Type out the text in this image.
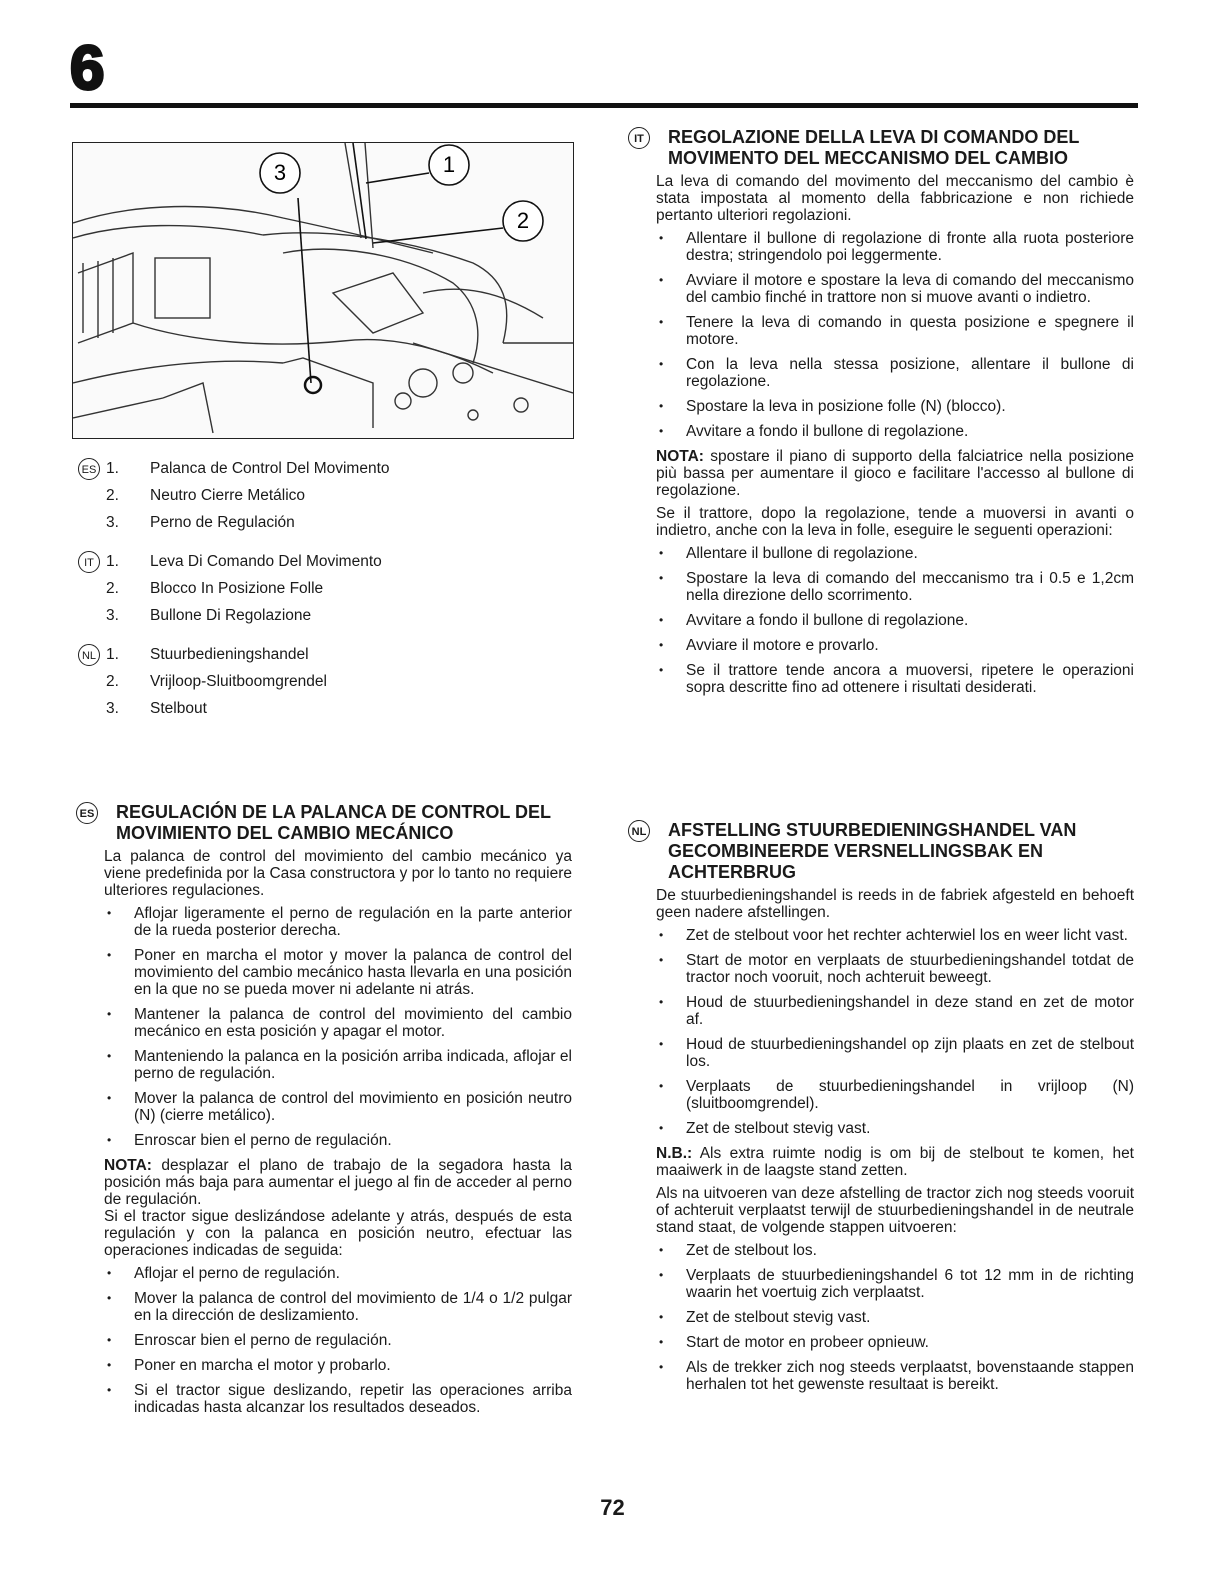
6
3	1
2
ES 1.	Palanca de Control Del Movimento
2.	Neutro Cierre Metálico
3.	Perno de Regulación
IT 1.	Leva Di Comando Del Movimento
2.	Blocco In Posizione Folle
3.	Bullone Di Regolazione
NL 1.	Stuurbedieningshandel
2.	Vrijloop-Sluitboomgrendel
3.	Stelbout
ES REGULACIÓN DE LA PALANCA DE CONTROL DEL MOVIMIENTO DEL CAMBIO MECÁNICO

La palanca de control del movimiento del cambio mecánico ya viene predefinida por la Casa constructora y por lo tanto no requiere ulteriores regulaciones.

• Aflojar ligeramente el perno de regulación en la parte anterior de la rueda posterior derecha.
• Poner en marcha el motor y mover la palanca de control del movimiento del cambio mecánico hasta llevarla en una posición en la que no se pueda mover ni adelante ni atrás.
• Mantener la palanca de control del movimiento del cambio mecánico en esta posición y apagar el motor.
• Manteniendo la palanca en la posición arriba indicada, aflojar el perno de regulación.
• Mover la palanca de control del movimiento en posición neutro (N) (cierre metálico).
• Enroscar bien el perno de regulación.

NOTA: desplazar el plano de trabajo de la segadora hasta la posición más baja para aumentar el juego al fin de acceder al perno de regulación.

Si el tractor sigue deslizándose adelante y atrás, después de esta regulación y con la palanca en posición neutro, efectuar las operaciones indicadas de seguida:

• Aflojar el perno de regulación.
• Mover la palanca de control del movimiento de 1/4 o 1/2 pulgar en la dirección de deslizamiento.
• Enroscar bien el perno de regulación.
• Poner en marcha el motor y probarlo.
• Si el tractor sigue deslizando, repetir las operaciones arriba indicadas hasta alcanzar los resultados deseados.
IT	REGOLAZIONE DELLA LEVA DI COMANDO DEL MOVIMENTO DEL MECCANISMO DEL CAMBIO

La leva di comando del movimento del meccanismo del cambio è stata impostata al momento della fabbricazione e non richiede pertanto ulteriori regolazioni.

• Allentare il bullone di regolazione di fronte alla ruota posteriore destra; stringendolo poi leggermente.
• Avviare il motore e spostare la leva di comando del meccanismo del cambio finché in trattore non si muove avanti o indietro.
• Tenere la leva di comando in questa posizione e spegnere il motore.
• Con la leva nella stessa posizione, allentare il bullone di regolazione.
• Spostare la leva in posizione folle (N) (blocco).
• Avvitare a fondo il bullone di regolazione.

NOTA: spostare il piano di supporto della falciatrice nella posizione più bassa per aumentare il gioco e facilitare l'accesso al bullone di regolazione.

Se il trattore, dopo la regolazione, tende a muoversi in avanti o indietro, anche con la leva in folle, eseguire le seguenti operazioni:

• Allentare il bullone di regolazione.
• Spostare la leva di comando del meccanismo tra i 0.5 e 1,2cm nella direzione dello scorrimento.
• Avvitare a fondo il bullone di regolazione.
• Avviare il motore e provarlo.
• Se il trattore tende ancora a muoversi, ripetere le operazioni sopra descritte fino ad ottenere i risultati desiderati.
NL AFSTELLING STUURBEDIENINGSHANDEL VAN GECOMBINEERDE VERSNELLINGSBAK EN ACHTERBRUG

De stuurbedieningshandel is reeds in de fabriek afgesteld en behoeft geen nadere afstellingen.

• Zet de stelbout voor het rechter achterwiel los en weer licht vast.
• Start de motor en verplaats de stuurbedieningshandel totdat de tractor noch vooruit, noch achteruit beweegt.
• Houd de stuurbedieningshandel in deze stand en zet de motor af.
• Houd de stuurbedieningshandel op zijn plaats en zet de stelbout los.
• Verplaats de stuurbedieningshandel in vrijloop (N) (sluitboomgrendel).
• Zet de stelbout stevig vast.

N.B.: Als extra ruimte nodig is om bij de stelbout te komen, het maaiwerk in de laagste stand zetten.

Als na uitvoeren van deze afstelling de tractor zich nog steeds vooruit of achteruit verplaatst terwijl de stuurbedieningshandel in de neutrale stand staat, de volgende stappen uitvoeren:

• Zet de stelbout los.
• Verplaats de stuurbedieningshandel 6 tot 12 mm in de richting waarin het voertuig zich verplaatst.
• Zet de stelbout stevig vast.
• Start de motor en probeer opnieuw.
• Als de trekker zich nog steeds verplaatst, bovenstaande stappen herhalen tot het gewenste resultaat is bereikt.
72
